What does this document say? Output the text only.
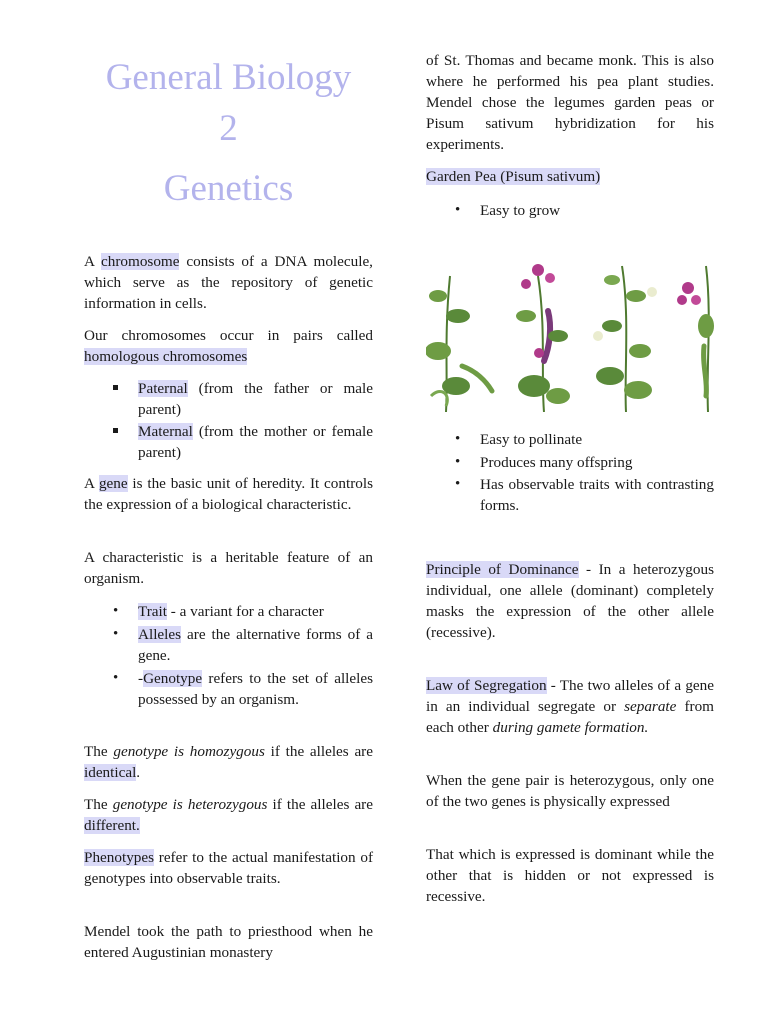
General Biology
2
Genetics

A chromosome consists of a DNA molecule, which serve as the repository of genetic information in cells.

Our chromosomes occur in pairs called homologous chromosomes

Paternal (from the father or male parent)
Maternal (from the mother or female parent)

A gene is the basic unit of heredity. It controls the expression of a biological characteristic.

A characteristic is a heritable feature of an organism.

• Trait - a variant for a character
• Alleles are the alternative forms of a gene.
• -Genotype refers to the set of alleles possessed by an organism.

The genotype is homozygous if the alleles are identical.

The genotype is heterozygous if the alleles are different.

Phenotypes refer to the actual manifestation of genotypes into observable traits.

Mendel took the path to priesthood when he entered Augustinian monastery

of St. Thomas and became monk. This is also where he performed his pea plant studies. Mendel chose the legumes garden peas or Pisum sativum hybridization for his experiments.

Garden Pea (Pisum sativum)

• Easy to grow
• Easy to pollinate
• Produces many offspring
• Has observable traits with contrasting forms.

Principle of Dominance - In a heterozygous individual, one allele (dominant) completely masks the expression of the other allele (recessive).

Law of Segregation - The two alleles of a gene in an individual segregate or separate from each other during gamete formation.

When the gene pair is heterozygous, only one of the two genes is physically expressed

That which is expressed is dominant while the other that is hidden or not expressed is recessive.
